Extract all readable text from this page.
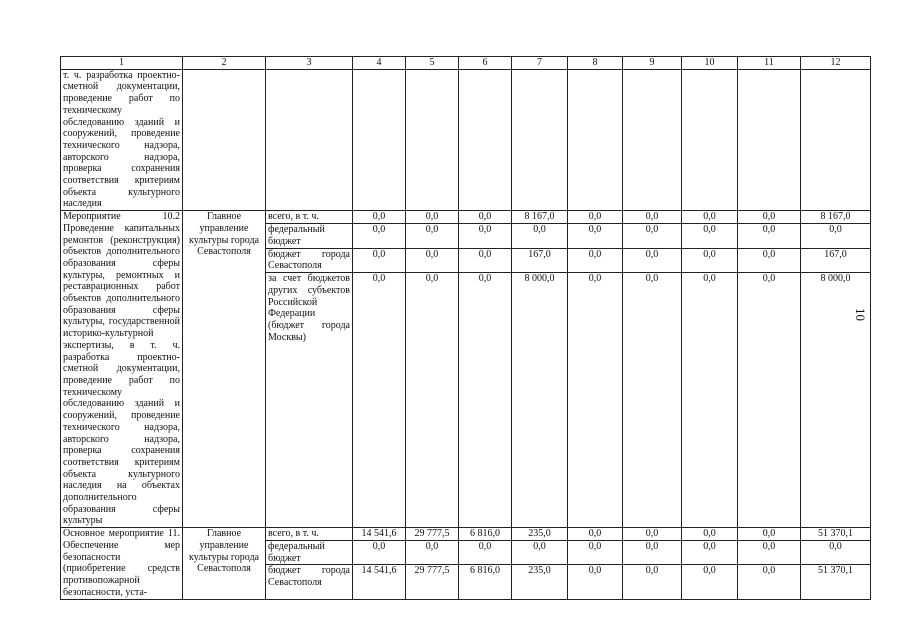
1	2	3	4	5	6	7	8	9	10	11	12
т. ч. разработка проектно-сметной документации, проведение работ по техническому обследованию зданий и сооружений, проведение технического надзора, авторского надзора, проверка сохранения соответствия критериям объекта культурного наследия											
Мероприятие 10.2 Проведение капитальных ремонтов (реконструкция) объектов дополнительного образования сферы культуры, ремонтных и реставрационных работ объектов дополнительного образования сферы культуры, государственной историко-культурной экспертизы, в т. ч. разработка проектно-сметной документации, проведение работ по техническому обследованию зданий и сооружений, проведение технического надзора, авторского надзора, проверка сохранения соответствия критериям объекта культурного наследия на объектах дополнительного образования сферы культуры	Главное управление культуры города Севастополя	всего, в т. ч.	0,0	0,0	0,0	8 167,0	0,0	0,0	0,0	0,0	8 167,0
		федеральный бюджет	0,0	0,0	0,0	0,0	0,0	0,0	0,0	0,0	0,0
		бюджет города Севастополя	0,0	0,0	0,0	167,0	0,0	0,0	0,0	0,0	167,0
		за счет бюджетов других субъектов Российской Федерации (бюджет города Москвы)	0,0	0,0	0,0	8 000,0	0,0	0,0	0,0	0,0	8 000,0
Основное мероприятие 11. Обеспечение мер безопасности (приобретение средств противопожарной безопасности, уста-	Главное управление культуры города Севастополя	всего, в т. ч.	14 541,6	29 777,5	6 816,0	235,0	0,0	0,0	0,0	0,0	51 370,1
		федеральный бюджет	0,0	0,0	0,0	0,0	0,0	0,0	0,0	0,0	0,0
		бюджет города Севастополя	14 541,6	29 777,5	6 816,0	235,0	0,0	0,0	0,0	0,0	51 370,1
10
